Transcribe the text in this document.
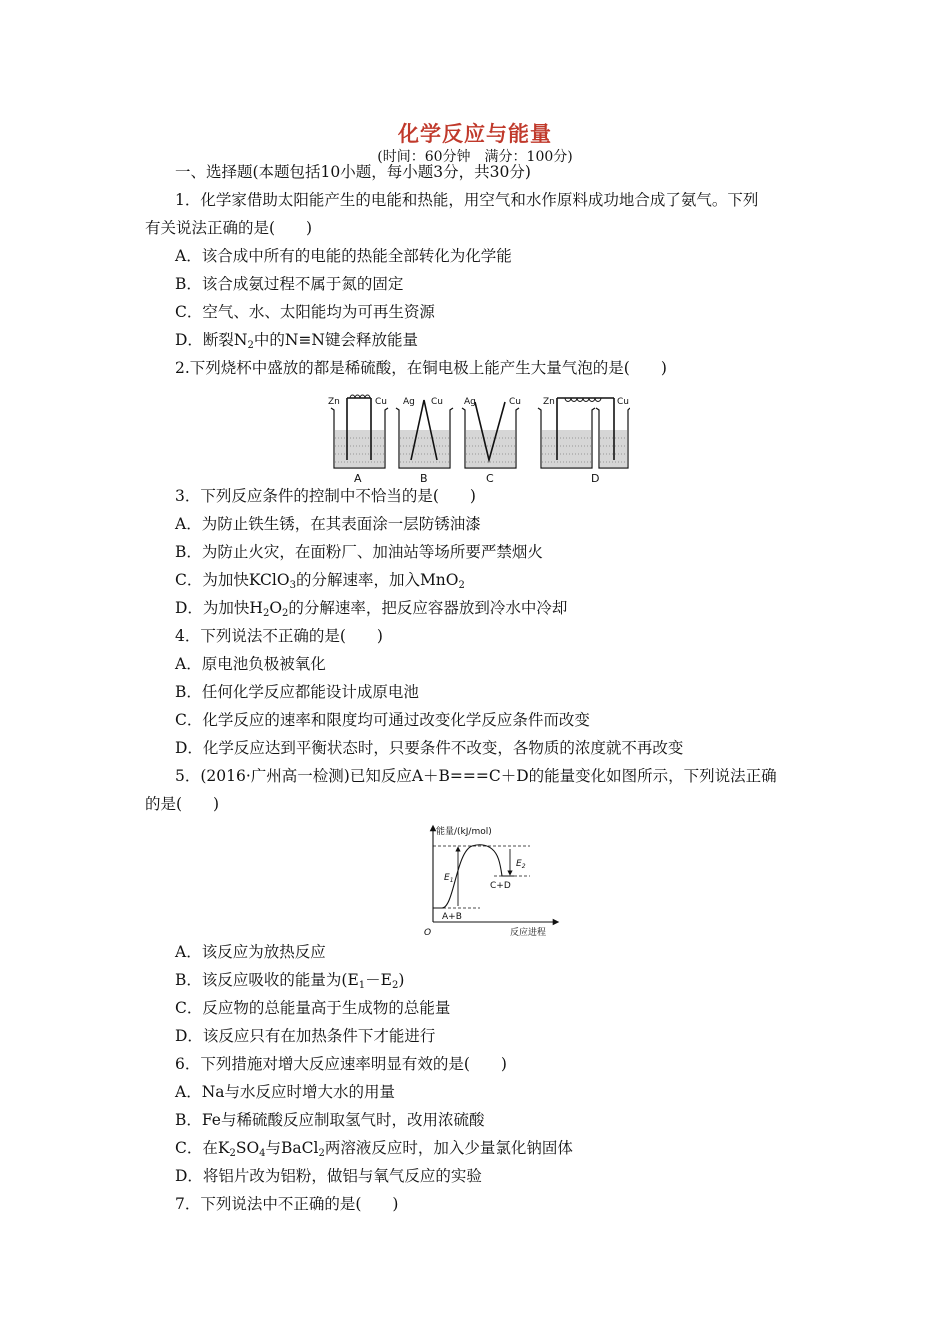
化学反应与能量
(时间：60分钟　满分：100分)
一、选择题(本题包括10小题，每小题3分，共30分)
1．化学家借助太阳能产生的电能和热能，用空气和水作原料成功地合成了氨气。下列
有关说法正确的是(　　)
A．该合成中所有的电能的热能全部转化为化学能
B．该合成氨过程不属于氮的固定
C．空气、水、太阳能均为可再生资源
D．断裂$N_2$中的N≡N键会释放能量
2.下列烧杯中盛放的都是稀硫酸，在铜电极上能产生大量气泡的是(　　)
Zn	Cu Ag Cu Ag	Cu Zn	Cu
A	B	C	D
3．下列反应条件的控制中不恰当的是(　　)
A．为防止铁生锈，在其表面涂一层防锈油漆
B．为防止火灾，在面粉厂、加油站等场所要严禁烟火
C．为加快KClO$_3$的分解速率，加入MnO$_2$
D．为加快$H_2O_2$的分解速率，把反应容器放到冷水中冷却
4．下列说法不正确的是(　　)
A．原电池负极被氧化
B．任何化学反应都能设计成原电池
C．化学反应的速率和限度均可通过改变化学反应条件而改变
D．化学反应达到平衡状态时，只要条件不改变，各物质的浓度就不再改变
5．(2016·广州高一检测)已知反应A＋B===C＋D的能量变化如图所示，下列说法正确
的是(　　)
能量/(kJ/mol)
反应进程
O
C+D
A+B
$E_1$
$E_2$
A．该反应为放热反应
B．该反应吸收的能量为$(E_1-E_2)$
C．反应物的总能量高于生成物的总能量
D．该反应只有在加热条件下才能进行
6．下列措施对增大反应速率明显有效的是(　　)
A．Na与水反应时增大水的用量
B．Fe与稀硫酸反应制取氢气时，改用浓硫酸
C．在$K_2SO_4$与BaCl$_2$两溶液反应时，加入少量氯化钠固体
D．将铝片改为铝粉，做铝与氧气反应的实验
7．下列说法中不正确的是(　　)
